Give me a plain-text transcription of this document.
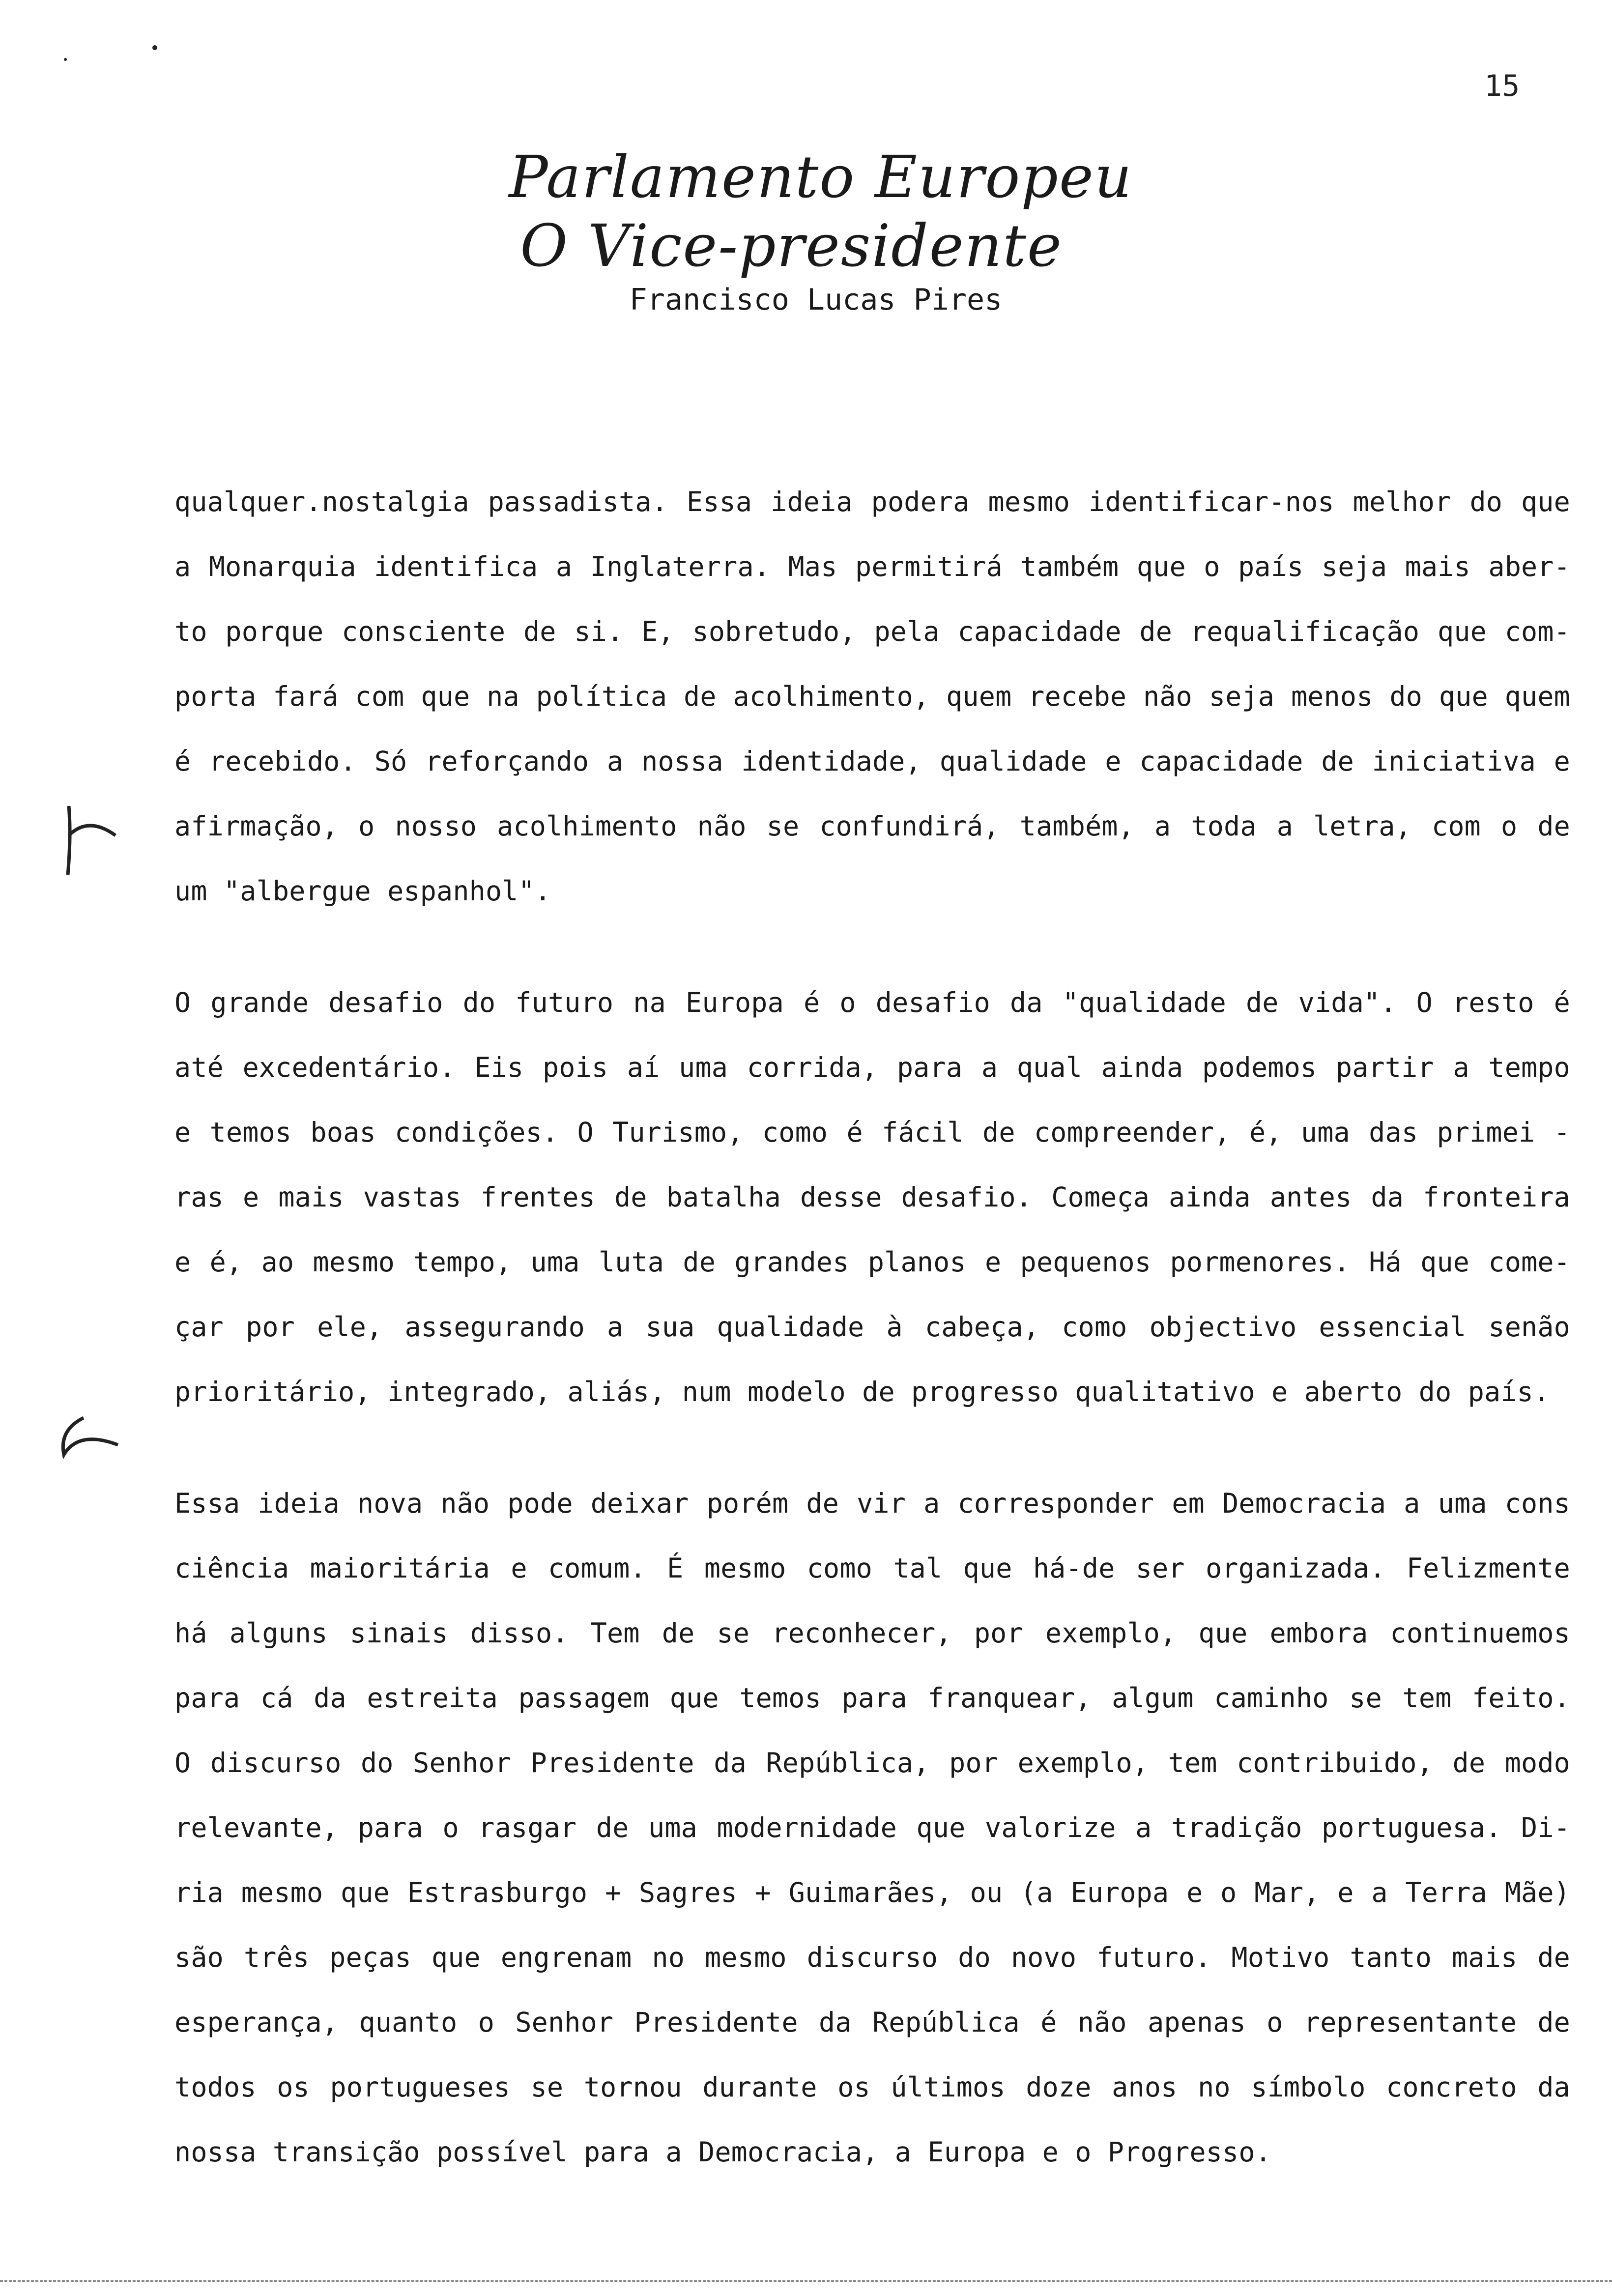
15
Parlamento Europeu
O Vice-presidente
Francisco Lucas Pires
qualquer.nostalgia passadista. Essa ideia podera mesmo identificar-nos melhor do que
a Monarquia identifica a Inglaterra. Mas permitirá também que o país seja mais aber-
to porque consciente de si. E, sobretudo, pela capacidade de requalificação que com-
porta fará com que na política de acolhimento, quem recebe não seja menos do que quem
é recebido. Só reforçando a nossa identidade, qualidade e capacidade de iniciativa e
afirmação, o nosso acolhimento não se confundirá, também, a toda a letra, com o de
um "albergue espanhol".
O grande desafio do futuro na Europa é o desafio da "qualidade de vida". O resto é
até excedentário. Eis pois aí uma corrida, para a qual ainda podemos partir a tempo
e temos boas condições. O Turismo, como é fácil de compreender, é, uma das primei -
ras e mais vastas frentes de batalha desse desafio. Começa ainda antes da fronteira
e é, ao mesmo tempo, uma luta de grandes planos e pequenos pormenores. Há que come-
çar por ele, assegurando a sua qualidade à cabeça, como objectivo essencial senão
prioritário, integrado, aliás, num modelo de progresso qualitativo e aberto do país.
Essa ideia nova não pode deixar porém de vir a corresponder em Democracia a uma cons
ciência maioritária e comum. É mesmo como tal que há-de ser organizada. Felizmente
há alguns sinais disso. Tem de se reconhecer, por exemplo, que embora continuemos
para cá da estreita passagem que temos para franquear, algum caminho se tem feito.
O discurso do Senhor Presidente da República, por exemplo, tem contribuido, de modo
relevante, para o rasgar de uma modernidade que valorize a tradição portuguesa. Di-
ria mesmo que Estrasburgo + Sagres + Guimarães, ou (a Europa e o Mar, e a Terra Mãe)
são três peças que engrenam no mesmo discurso do novo futuro. Motivo tanto mais de
esperança, quanto o Senhor Presidente da República é não apenas o representante de
todos os portugueses se tornou durante os últimos doze anos no símbolo concreto da
nossa transição possível para a Democracia, a Europa e o Progresso.
